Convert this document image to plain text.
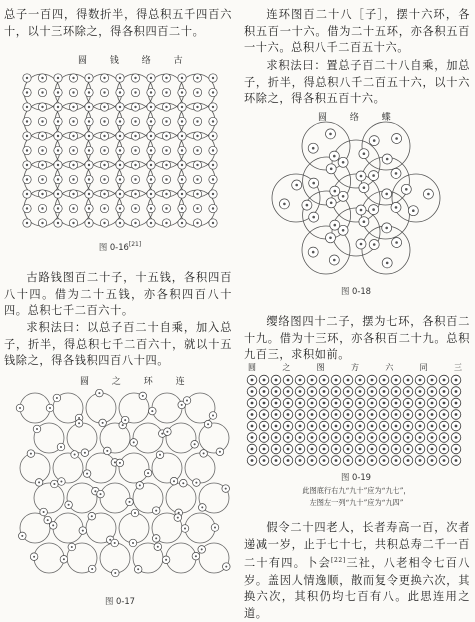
总子一百四，得数折半，得总积五千四百六十，以十三环除之，得各积四百二十。

圆 钱 络 古
图 0-16[21]

古路钱图百二十子，十五钱，各积四百八十四。借为二十五钱，亦各积四百八十四。总积七千二百六十。

求积法曰：以总子百二十自乘，加入总子，折半，得总积七千二百六十，就以十五钱除之，得各钱积四百八十四。

圆 之 环 连
图 0-17

连环图百二十八［子］，摆十六环，各积五百一十六。借为二十五环，亦各积五百一十六。总积八千二百五十六。

求积法曰：置总子百二十八自乘，加总子，折半，得总积八千二百五十六，以十六环除之，得各积五百十六。

圆 络 蝶
图 0-18

缨络图四十二子，摆为七环，各积百二十九。借为十三环，亦各积百二十九。总积九百三，求积如前。

圆	之	图	方	六	同	三
图 0-19
此图底行右九“九十”应为“九七”，
左图左一列“九十”应为“九四”

假令二十四老人，长者寿高一百，次者递减一岁，止于七十七，共积总寿二千一百二十有四。卜会[22]三社，八老相令七百八岁。盖因人情逸顺，散而复令更换六次，其换六次，其积仍均七百有八。此思连用之道。
